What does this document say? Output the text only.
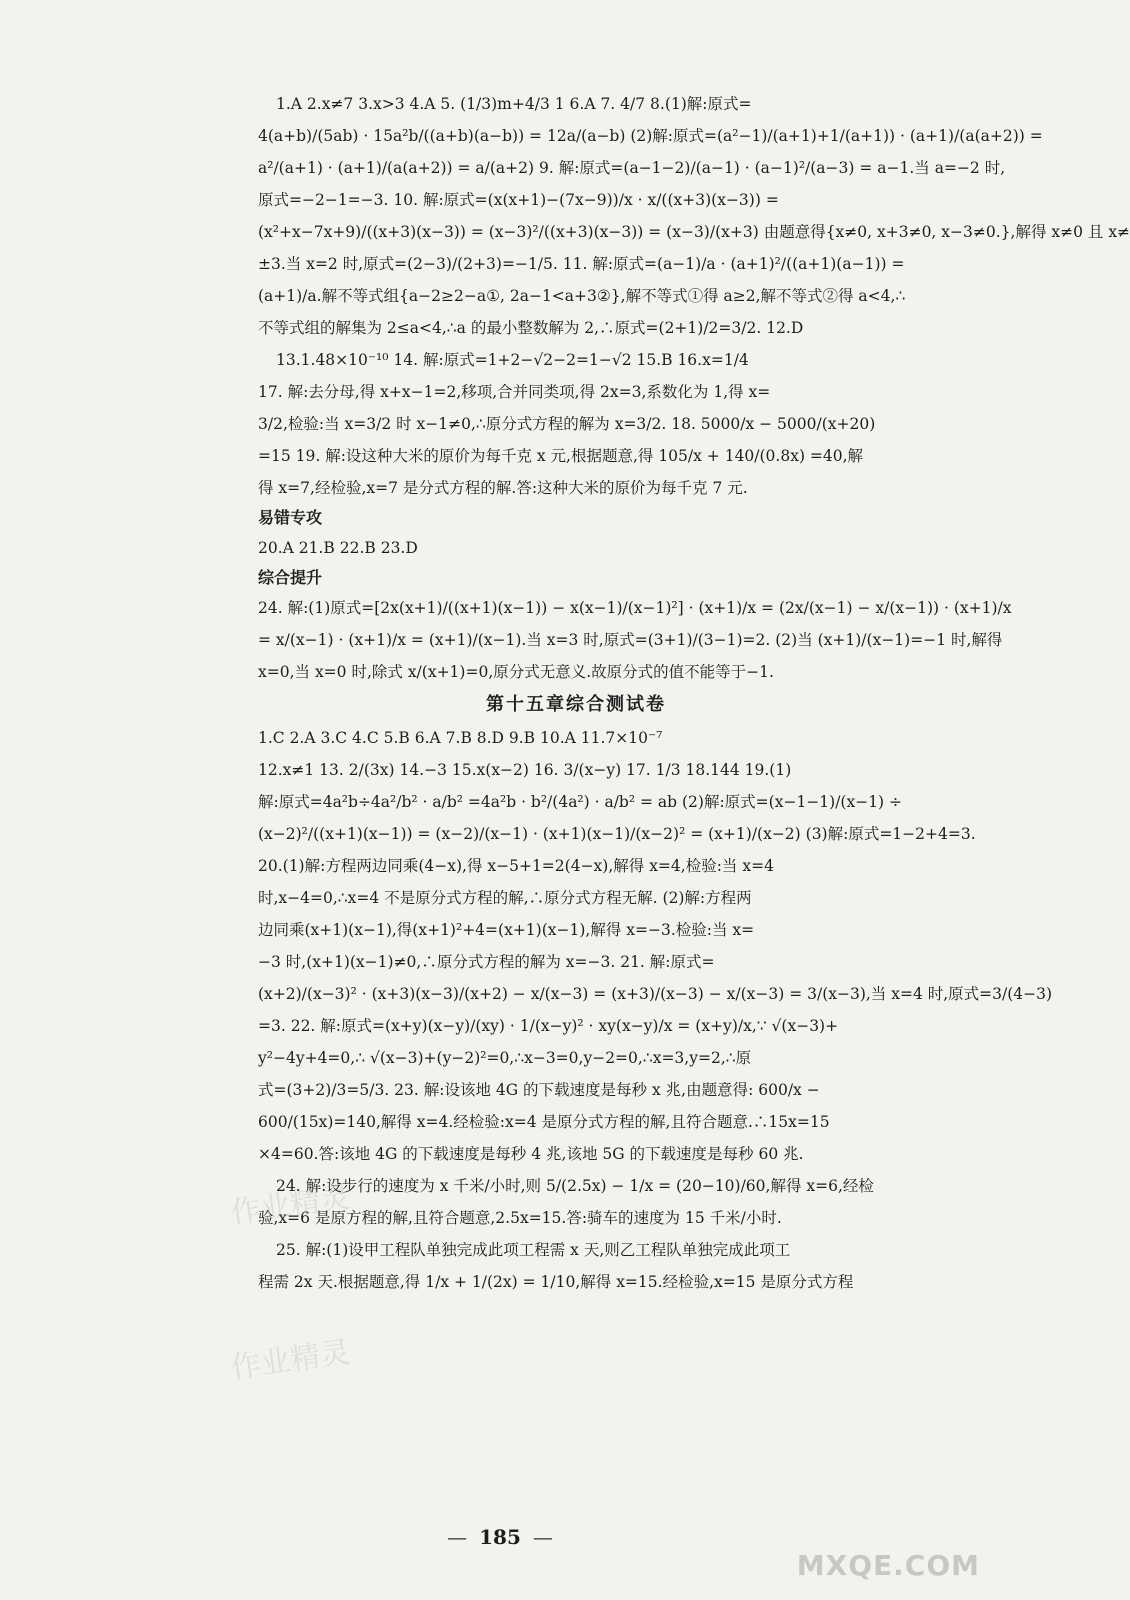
1.A 2.x≠7 3.x>3 4.A 5. (1/3)m+4/3 1 6.A 7. 4/7 8.(1)解:原式=
4(a+b)/(5ab) · 15a²b/((a+b)(a−b)) = 12a/(a−b) (2)解:原式=(a²−1)/(a+1)+1/(a+1)) · (a+1)/(a(a+2)) =
a²/(a+1) · (a+1)/(a(a+2)) = a/(a+2) 9. 解:原式=(a−1−2)/(a−1) · (a−1)²/(a−3) = a−1.当 a=−2 时,
原式=−2−1=−3. 10. 解:原式=(x(x+1)−(7x−9))/x · x/((x+3)(x−3)) =
(x²+x−7x+9)/((x+3)(x−3)) = (x−3)²/((x+3)(x−3)) = (x−3)/(x+3) 由题意得{x≠0, x+3≠0, x−3≠0.},解得 x≠0 且 x≠
±3.当 x=2 时,原式=(2−3)/(2+3)=−1/5. 11. 解:原式=(a−1)/a · (a+1)²/((a+1)(a−1)) =
(a+1)/a.解不等式组{a−2≥2−a①, 2a−1<a+3②},解不等式①得 a≥2,解不等式②得 a<4,∴
不等式组的解集为 2≤a<4,∴a 的最小整数解为 2,∴原式=(2+1)/2=3/2. 12.D
13.1.48×10⁻¹⁰ 14. 解:原式=1+2−√2−2=1−√2 15.B 16.x=1/4
17. 解:去分母,得 x+x−1=2,移项,合并同类项,得 2x=3,系数化为 1,得 x=
3/2,检验:当 x=3/2 时 x−1≠0,∴原分式方程的解为 x=3/2. 18. 5000/x − 5000/(x+20)
=15 19. 解:设这种大米的原价为每千克 x 元,根据题意,得 105/x + 140/(0.8x) =40,解
得 x=7,经检验,x=7 是分式方程的解.答:这种大米的原价为每千克 7 元.
易错专攻
20.A 21.B 22.B 23.D
综合提升
24. 解:(1)原式=[2x(x+1)/((x+1)(x−1)) − x(x−1)/(x−1)²] · (x+1)/x = (2x/(x−1) − x/(x−1)) · (x+1)/x
= x/(x−1) · (x+1)/x = (x+1)/(x−1).当 x=3 时,原式=(3+1)/(3−1)=2. (2)当 (x+1)/(x−1)=−1 时,解得
x=0,当 x=0 时,除式 x/(x+1)=0,原分式无意义.故原分式的值不能等于−1.
第十五章综合测试卷
1.C 2.A 3.C 4.C 5.B 6.A 7.B 8.D 9.B 10.A 11.7×10⁻⁷
12.x≠1 13. 2/(3x) 14.−3 15.x(x−2) 16. 3/(x−y) 17. 1/3 18.144 19.(1)
解:原式=4a²b÷4a²/b² · a/b² =4a²b · b²/(4a²) · a/b² = ab (2)解:原式=(x−1−1)/(x−1) ÷
(x−2)²/((x+1)(x−1)) = (x−2)/(x−1) · (x+1)(x−1)/(x−2)² = (x+1)/(x−2) (3)解:原式=1−2+4=3.
20.(1)解:方程两边同乘(4−x),得 x−5+1=2(4−x),解得 x=4,检验:当 x=4
时,x−4=0,∴x=4 不是原分式方程的解,∴原分式方程无解. (2)解:方程两
边同乘(x+1)(x−1),得(x+1)²+4=(x+1)(x−1),解得 x=−3.检验:当 x=
−3 时,(x+1)(x−1)≠0,∴原分式方程的解为 x=−3. 21. 解:原式=
(x+2)/(x−3)² · (x+3)(x−3)/(x+2) − x/(x−3) = (x+3)/(x−3) − x/(x−3) = 3/(x−3),当 x=4 时,原式=3/(4−3)
=3. 22. 解:原式=(x+y)(x−y)/(xy) · 1/(x−y)² · xy(x−y)/x = (x+y)/x,∵ √(x−3)+
y²−4y+4=0,∴ √(x−3)+(y−2)²=0,∴x−3=0,y−2=0,∴x=3,y=2,∴原
式=(3+2)/3=5/3. 23. 解:设该地 4G 的下载速度是每秒 x 兆,由题意得: 600/x −
600/(15x)=140,解得 x=4.经检验:x=4 是原分式方程的解,且符合题意.∴15x=15
×4=60.答:该地 4G 的下载速度是每秒 4 兆,该地 5G 的下载速度是每秒 60 兆.
24. 解:设步行的速度为 x 千米/小时,则 5/(2.5x) − 1/x = (20−10)/60,解得 x=6,经检
验,x=6 是原方程的解,且符合题意,2.5x=15.答:骑车的速度为 15 千米/小时.
25. 解:(1)设甲工程队单独完成此项工程需 x 天,则乙工程队单独完成此项工
程需 2x 天.根据题意,得 1/x + 1/(2x) = 1/10,解得 x=15.经检验,x=15 是原分式方程
作业精灵
作业精灵
— 185 —
MXQE.COM
